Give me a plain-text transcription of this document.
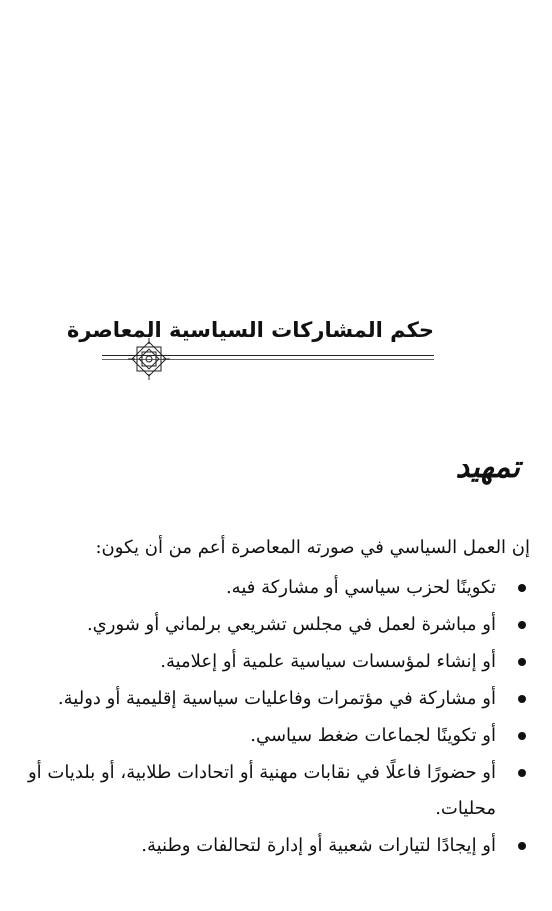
حكم المشاركات السياسية المعاصرة
تمهيد

إن العمل السياسي في صورته المعاصرة أعم من أن يكون:

تكوينًا لحزب سياسي أو مشاركة فيه.
أو مباشرة لعمل في مجلس تشريعي برلماني أو شوري.
أو إنشاء لمؤسسات سياسية علمية أو إعلامية.
أو مشاركة في مؤتمرات وفاعليات سياسية إقليمية أو دولية.
أو تكوينًا لجماعات ضغط سياسي.
أو حضورًا فاعلًا في نقابات مهنية أو اتحادات طلابية، أو بلديات أو محليات.
أو إيجادًا لتيارات شعبية أو إدارة لتحالفات وطنية.
